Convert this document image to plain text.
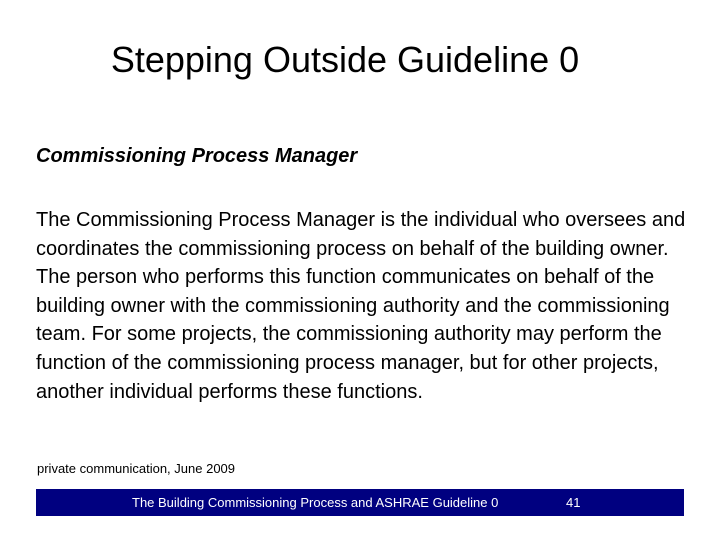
Stepping Outside Guideline 0
Commissioning Process Manager

The Commissioning Process Manager is the individual who oversees and coordinates the commissioning process on behalf of the building owner. The person who performs this function communicates on behalf of the building owner with the commissioning authority and the commissioning team. For some projects, the commissioning authority may perform the function of the commissioning process manager, but for other projects, another individual performs these functions.

private communication, June 2009
The Building Commissioning Process and ASHRAE Guideline 0	41
